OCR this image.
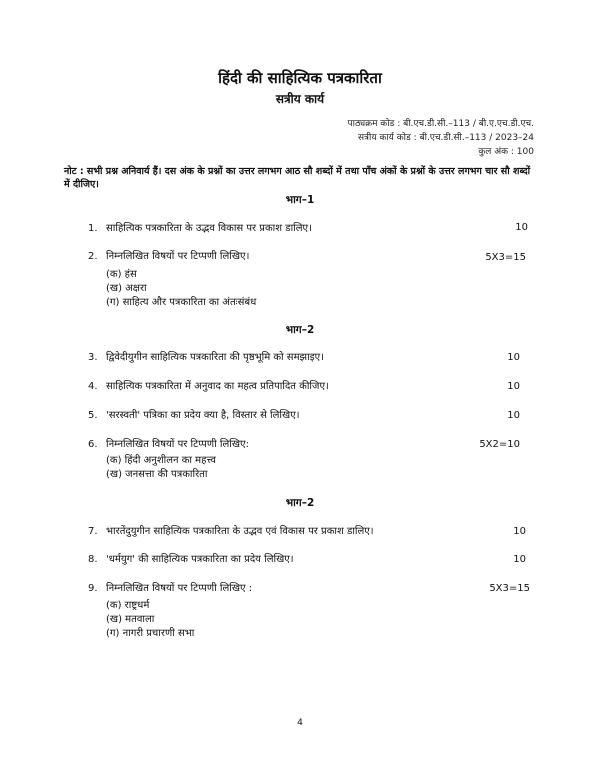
हिंदी की साहित्यिक पत्रकारिता
सत्रीय कार्य
पाठ्यक्रम कोड : बी.एच.डी.सी.–113 / बी.ए.एच.डी.एच.
सत्रीय कार्य कोड : बी.एच.डी.सी.–113 / 2023–24
कुल अंक : 100
नोट : सभी प्रश्न अनिवार्य हैं। दस अंक के प्रश्नों का उत्तर लगभग आठ सौ शब्दों में तथा पाँच अंकों के प्रश्नों के उत्तर लगभग चार सौ शब्दों में दीजिए।
भाग–1
1. साहित्यिक पत्रकारिता के उद्भव विकास पर प्रकाश डालिए।	10
2. निम्नलिखित विषयों पर टिप्पणी लिखिए।	5X3=15
(क) हंस
(ख) अक्षरा
(ग) साहित्य और पत्रकारिता का अंतःसंबंध
भाग–2
3. द्विवेदीयुगीन साहित्यिक पत्रकारिता की पृष्ठभूमि को समझाइए।	10
4. साहित्यिक पत्रकारिता में अनुवाद का महत्व प्रतिपादित कीजिए।	10
5. 'सरस्वती' पत्रिका का प्रदेय क्या है, विस्तार से लिखिए।	10
6. निम्नलिखित विषयों पर टिप्पणी लिखिए:	5X2=10
(क) हिंदी अनुशीलन का महत्त्व
(ख) जनसत्ता की पत्रकारिता
भाग–2
7. भारतेंदुयुगीन साहित्यिक पत्रकारिता के उद्भव एवं विकास पर प्रकाश डालिए।	10
8. 'धर्मयुग' की साहित्यिक पत्रकारिता का प्रदेय लिखिए।	10
9. निम्नलिखित विषयों पर टिप्पणी लिखिए :	5X3=15
(क) राष्ट्रधर्म
(ख) मतवाला
(ग) नागरी प्रचारणी सभा
4
